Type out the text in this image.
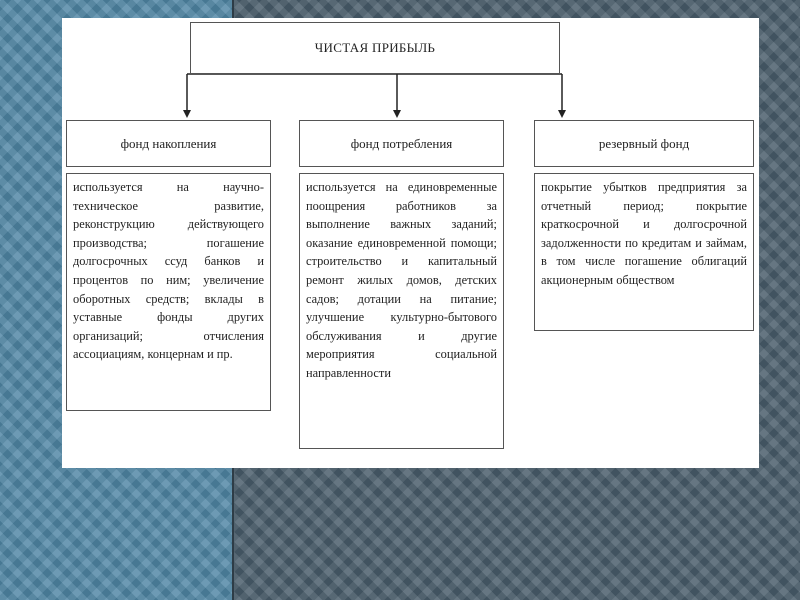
ЧИСТАЯ ПРИБЫЛЬ
фонд накопления
используется на научно-техническое развитие, реконструкцию действующего производства; погашение долгосрочных ссуд банков и процентов по ним; увеличение оборотных средств; вклады в уставные фонды других организаций; отчисления ассоциациям, концернам и пр.
фонд потребления
используется на единовременные поощрения работников за выполнение важных заданий; оказание единовременной помощи; строительство и капитальный ремонт жилых домов, детских садов; дотации на питание; улучшение культурно-бытового обслуживания и другие мероприятия социальной направленности
резервный фонд
покрытие убытков предприятия за отчетный период; покрытие краткосрочной и долгосрочной задолженности по кредитам и займам, в том числе погашение облигаций акционерным обществом
